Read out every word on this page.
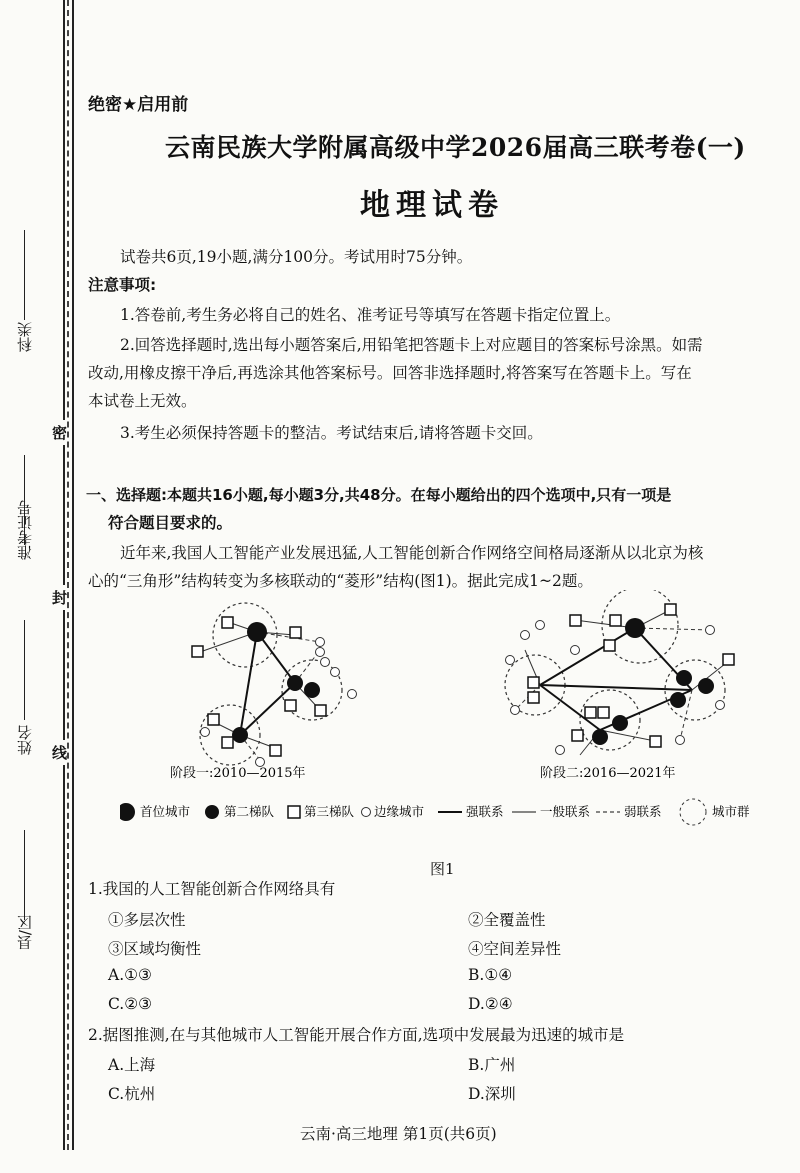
科类
准考证号
姓名
县/区
密
封
线
绝密★启用前
云南民族大学附属高级中学2026届高三联考卷(一)
地理试卷
试卷共6页,19小题,满分100分。考试用时75分钟。
注意事项:
1.答卷前,考生务必将自己的姓名、准考证号等填写在答题卡指定位置上。
2.回答选择题时,选出每小题答案后,用铅笔把答题卡上对应题目的答案标号涂黑。如需
改动,用橡皮擦干净后,再选涂其他答案标号。回答非选择题时,将答案写在答题卡上。写在
本试卷上无效。
3.考生必须保持答题卡的整洁。考试结束后,请将答题卡交回。
一、选择题:本题共16小题,每小题3分,共48分。在每小题给出的四个选项中,只有一项是
符合题目要求的。
近年来,我国人工智能产业发展迅猛,人工智能创新合作网络空间格局逐渐从以北京为核
心的“三角形”结构转变为多核联动的“菱形”结构(图1)。据此完成1~2题。
阶段一:2010—2015年	阶段二:2016—2021年
首位城市	第二梯队 第三梯队 边缘城市	强联系	一般联系	弱联系	城市群
图1
1.我国的人工智能创新合作网络具有
①多层次性	②全覆盖性
③区域均衡性	④空间差异性
A.①③	B.①④
C.②③	D.②④
2.据图推测,在与其他城市人工智能开展合作方面,选项中发展最为迅速的城市是
A.上海	B.广州
C.杭州	D.深圳
云南·高三地理 第1页(共6页)
